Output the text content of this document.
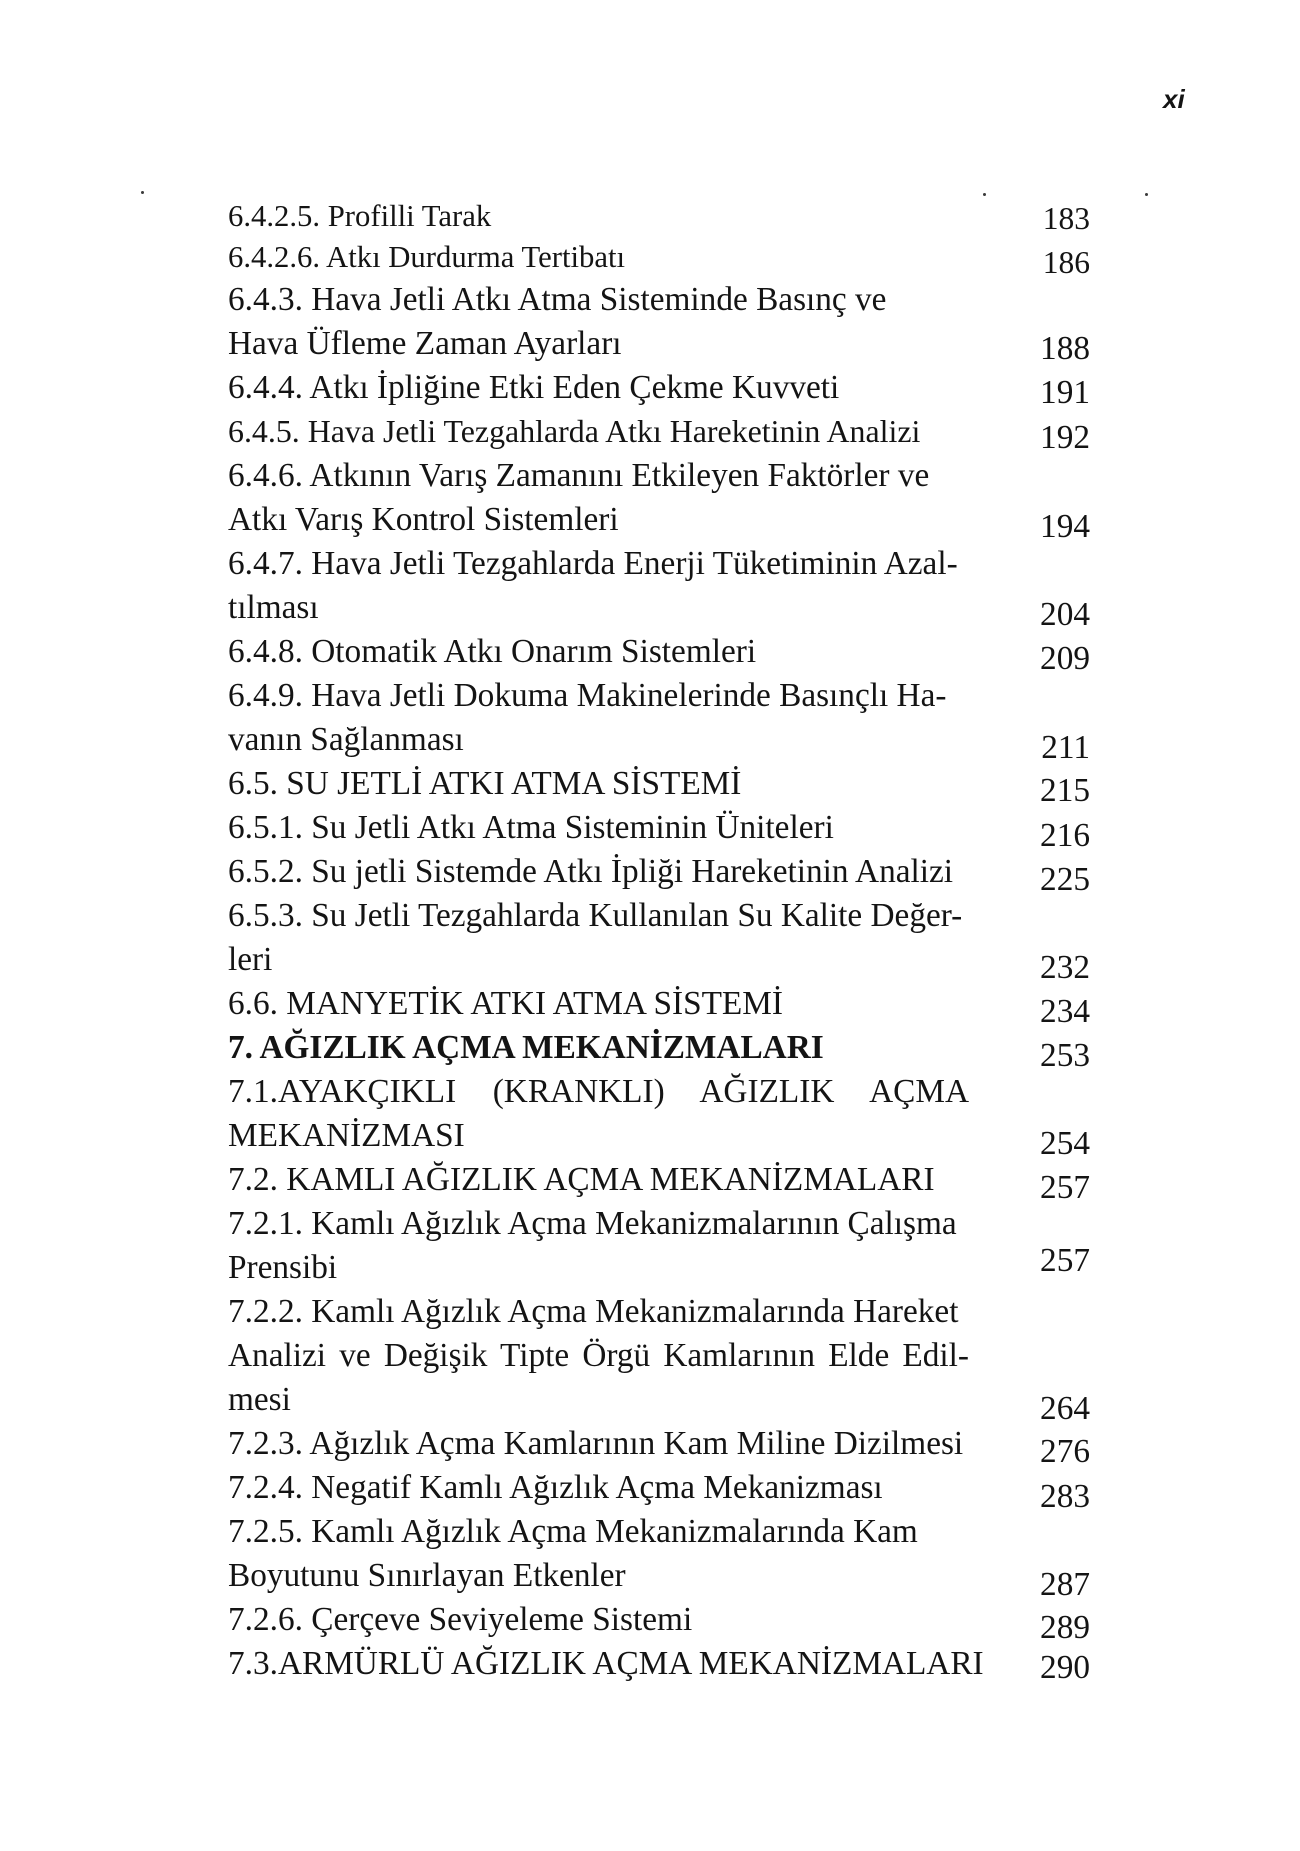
xi
6.4.2.5. Profilli Tarak	183
6.4.2.6. Atkı Durdurma Tertibatı	186
6.4.3. Hava Jetli Atkı Atma Sisteminde Basınç ve
Hava Üfleme Zaman Ayarları	188
6.4.4. Atkı İpliğine Etki Eden Çekme Kuvveti	191
6.4.5. Hava Jetli Tezgahlarda Atkı Hareketinin Analizi	192
6.4.6. Atkının Varış Zamanını Etkileyen Faktörler ve
Atkı Varış Kontrol Sistemleri	194
6.4.7. Hava Jetli Tezgahlarda Enerji Tüketiminin Azal-
tılması	204
6.4.8. Otomatik Atkı Onarım Sistemleri	209
6.4.9. Hava Jetli Dokuma Makinelerinde Basınçlı Ha-
vanın Sağlanması	211
6.5. SU JETLİ ATKI ATMA SİSTEMİ	215
6.5.1. Su Jetli Atkı Atma Sisteminin Üniteleri	216
6.5.2. Su jetli Sistemde Atkı İpliği Hareketinin Analizi	225
6.5.3. Su Jetli Tezgahlarda Kullanılan Su Kalite Değer-
leri	232
6.6. MANYETİK ATKI ATMA SİSTEMİ	234
7. AĞIZLIK AÇMA MEKANİZMALARI	253
7.1.AYAKÇIKLI (KRANKLI) AĞIZLIK AÇMA
MEKANİZMASI	254
7.2. KAMLI AĞIZLIK AÇMA MEKANİZMALARI	257
7.2.1. Kamlı Ağızlık Açma Mekanizmalarının Çalışma
Prensibi	257
7.2.2. Kamlı Ağızlık Açma Mekanizmalarında Hareket
Analizi ve Değişik Tipte Örgü Kamlarının Elde Edil-
mesi	264
7.2.3. Ağızlık Açma Kamlarının Kam Miline Dizilmesi	276
7.2.4. Negatif Kamlı Ağızlık Açma Mekanizması	283
7.2.5. Kamlı Ağızlık Açma Mekanizmalarında Kam
Boyutunu Sınırlayan Etkenler	287
7.2.6. Çerçeve Seviyeleme Sistemi	289
7.3.ARMÜRLÜ AĞIZLIK AÇMA MEKANİZMALARI	290
